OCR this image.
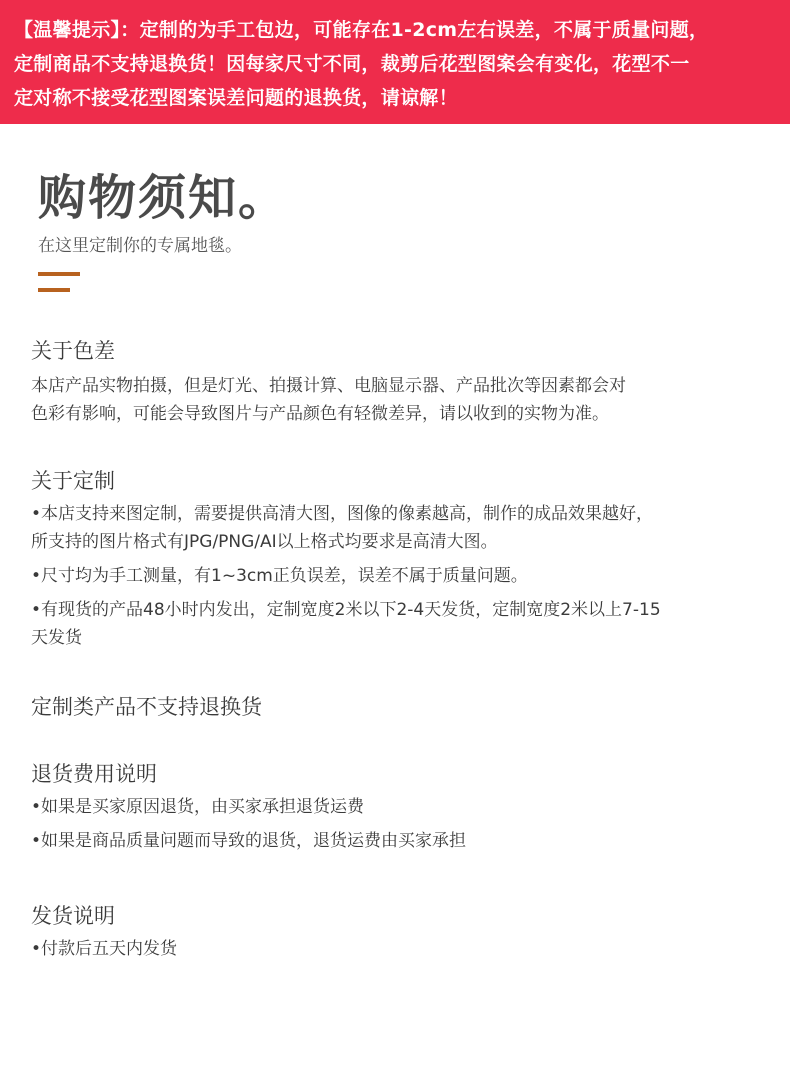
【温馨提示】：定制的为手工包边，可能存在1-2cm左右误差，不属于质量问题，
定制商品不支持退换货！因每家尺寸不同，裁剪后花型图案会有变化，花型不一
定对称不接受花型图案误差问题的退换货，请谅解！
购物须知。
在这里定制你的专属地毯。
关于色差

本店产品实物拍摄，但是灯光、拍摄计算、电脑显示器、产品批次等因素都会对

色彩有影响，可能会导致图片与产品颜色有轻微差异，请以收到的实物为准。

关于定制

•本店支持来图定制，需要提供高清大图，图像的像素越高，制作的成品效果越好，

所支持的图片格式有JPG/PNG/AI以上格式均要求是高清大图。

•尺寸均为手工测量，有1~3cm正负误差，误差不属于质量问题。

•有现货的产品48小时内发出，定制宽度2米以下2-4天发货，定制宽度2米以上7-15

天发货

定制类产品不支持退换货
退货费用说明

•如果是买家原因退货，由买家承担退货运费

•如果是商品质量问题而导致的退货，退货运费由买家承担

发货说明

•付款后五天内发货
